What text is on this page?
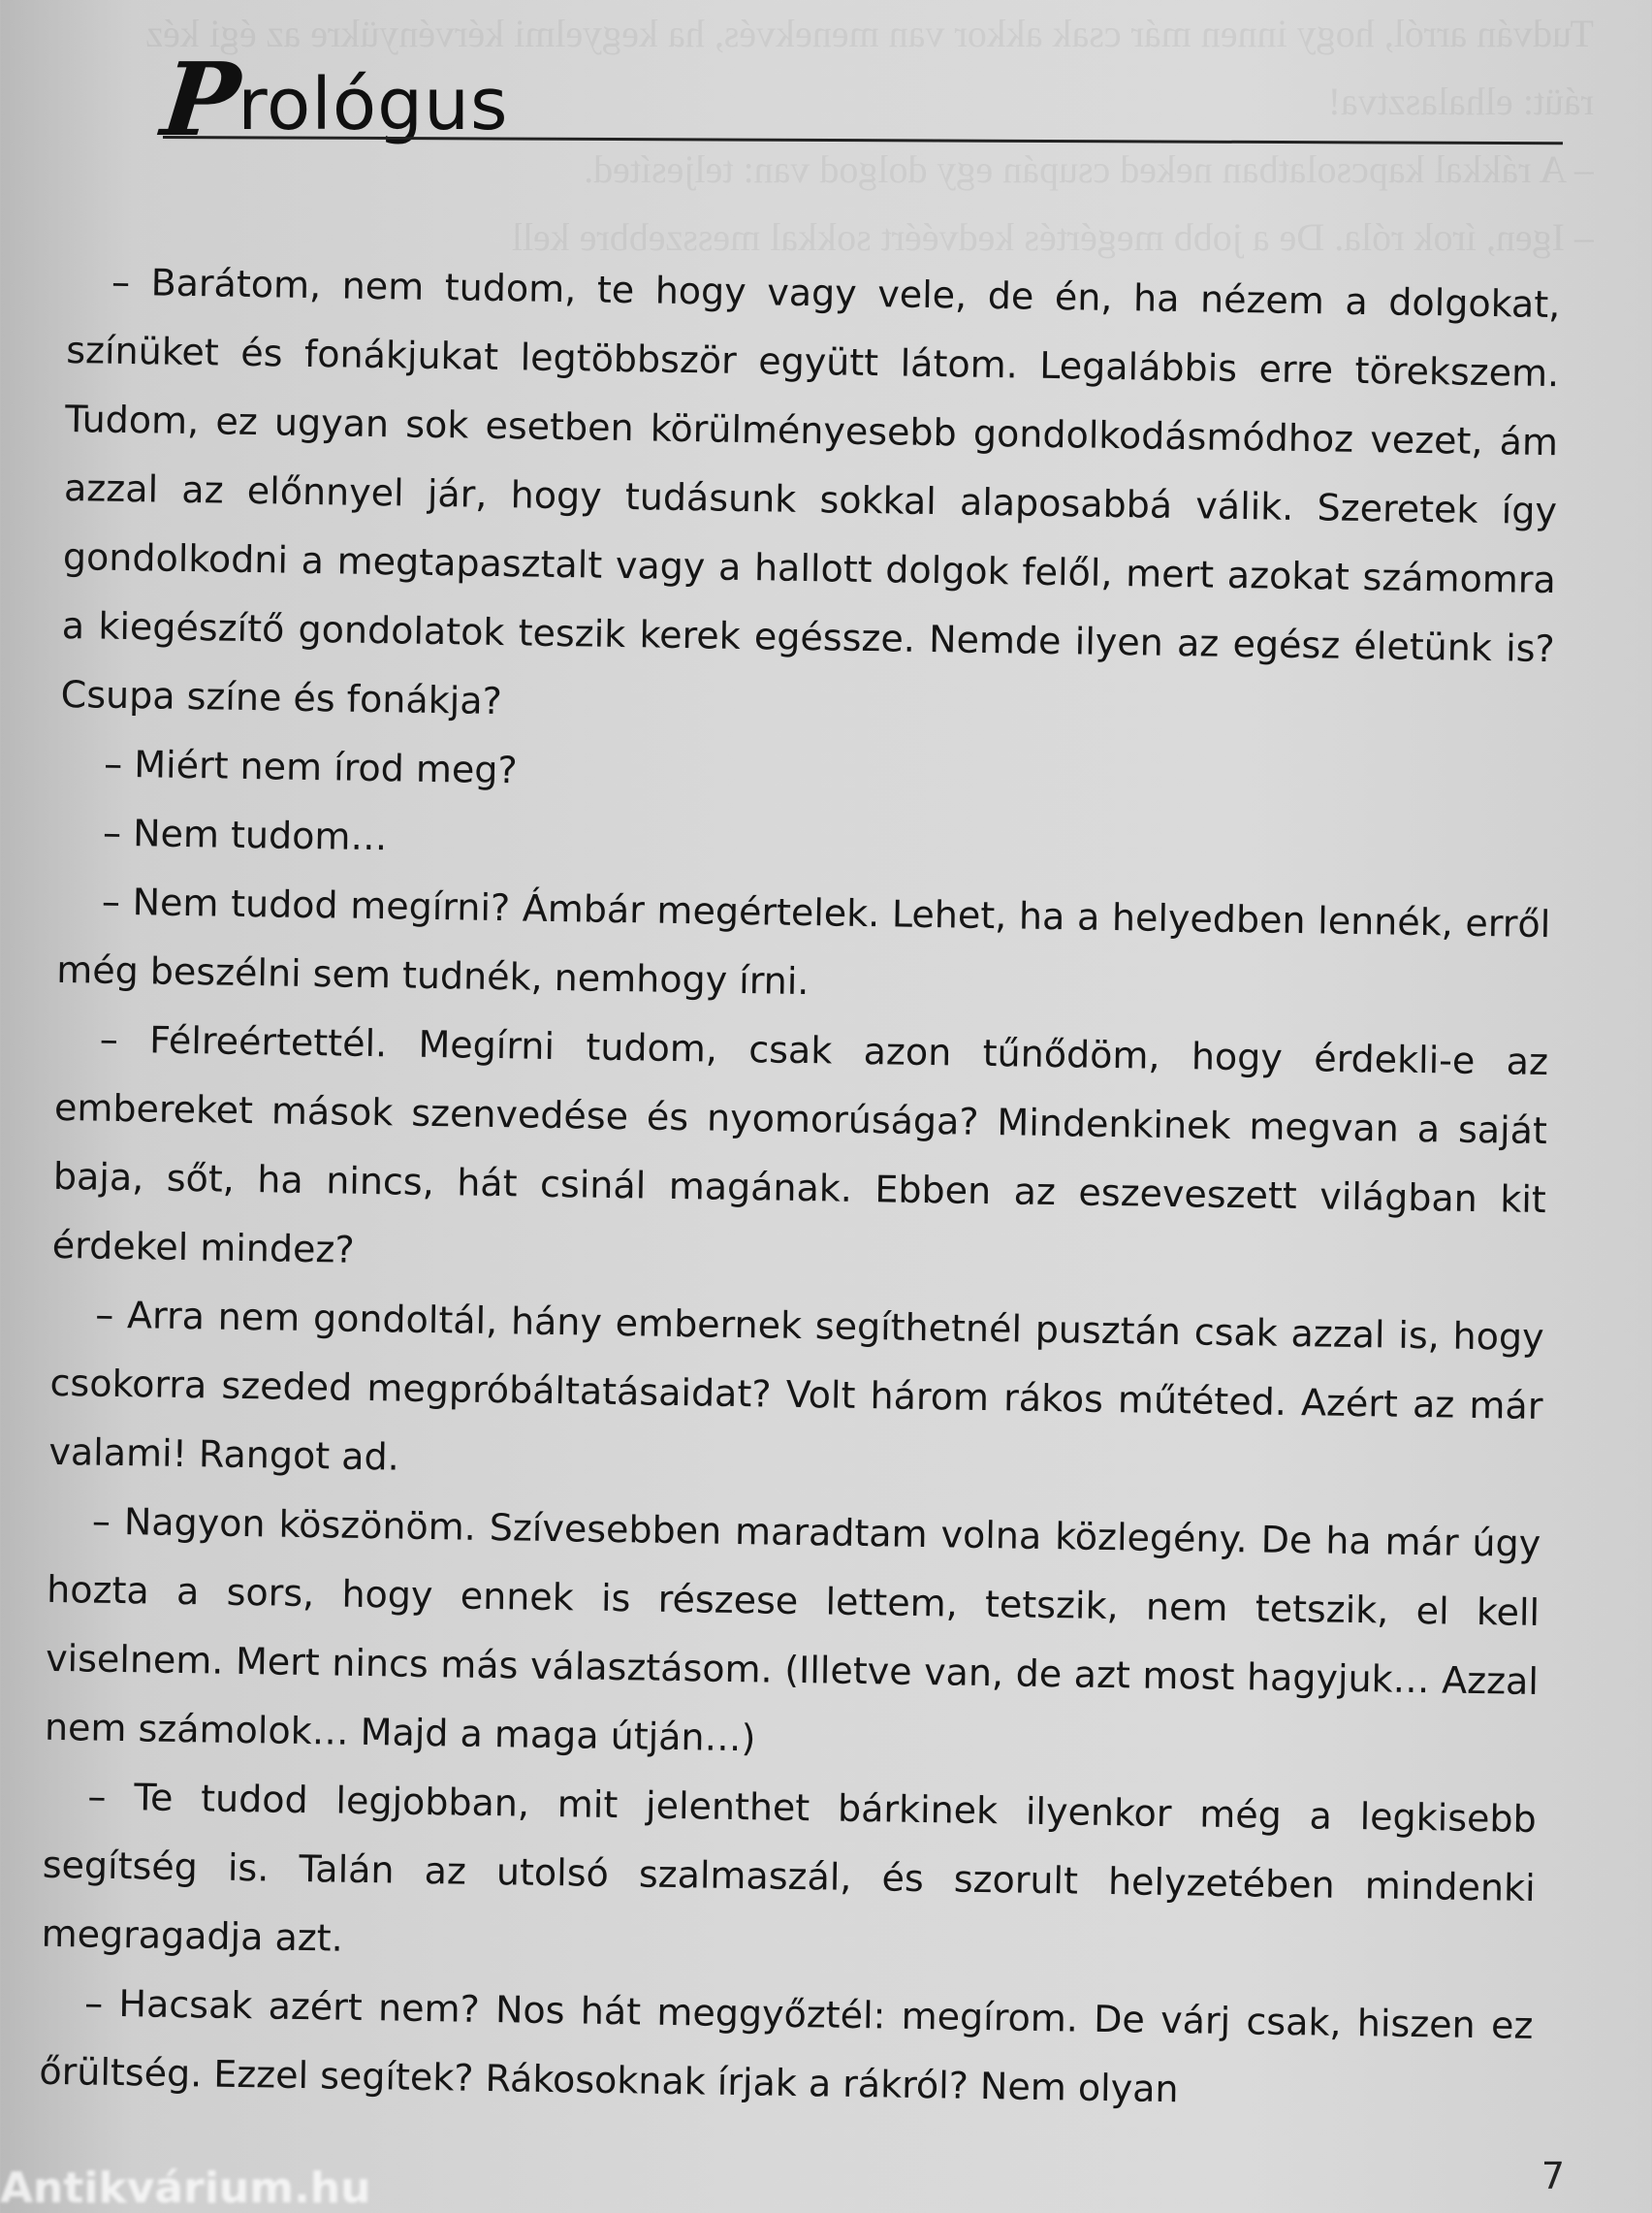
Tudván arról, hogy innen már csak akkor van menekvés, ha kegyelmi kérvényükre az égi kéz ráüt: elhalasztva!
– A rákkal kapcsolatban neked csupán egy dolgod van: teljesíted.
– Igen, írok róla. De a jobb megértés kedvéért sokkal messzebbre kell
Prológus

– Barátom, nem tudom, te hogy vagy vele, de én, ha nézem a dolgokat, színüket és fonákjukat legtöbbször együtt látom. Legalábbis erre törekszem. Tudom, ez ugyan sok esetben körülményesebb gondolkodásmódhoz vezet, ám azzal az előnnyel jár, hogy tudásunk sokkal alaposabbá válik. Szeretek így gondolkodni a megtapasztalt vagy a hallott dolgok felől, mert azokat számomra a kiegészítő gondolatok teszik kerek egéssze. Nemde ilyen az egész életünk is? Csupa színe és fonákja?

– Miért nem írod meg?

– Nem tudom…

– Nem tudod megírni? Ámbár megértelek. Lehet, ha a helyedben lennék, erről még beszélni sem tudnék, nemhogy írni.

– Félreértettél. Megírni tudom, csak azon tűnődöm, hogy érdekli-e az embereket mások szenvedése és nyomorúsága? Mindenkinek megvan a saját baja, sőt, ha nincs, hát csinál magának. Ebben az eszeveszett világban kit érdekel mindez?

– Arra nem gondoltál, hány embernek segíthetnél pusztán csak azzal is, hogy csokorra szeded megpróbáltatásaidat? Volt három rákos műtéted. Azért az már valami! Rangot ad.

– Nagyon köszönöm. Szívesebben maradtam volna közlegény. De ha már úgy hozta a sors, hogy ennek is részese lettem, tetszik, nem tetszik, el kell viselnem. Mert nincs más választásom. (Illetve van, de azt most hagyjuk… Azzal nem számolok… Majd a maga útján…)

– Te tudod legjobban, mit jelenthet bárkinek ilyenkor még a legkisebb segítség is. Talán az utolsó szalmaszál, és szorult helyzetében mindenki megragadja azt.

– Hacsak azért nem? Nos hát meggyőztél: megírom. De várj csak, hiszen ez őrültség. Ezzel segítek? Rákosoknak írjak a rákról? Nem olyan

7
Antikvárium.hu
